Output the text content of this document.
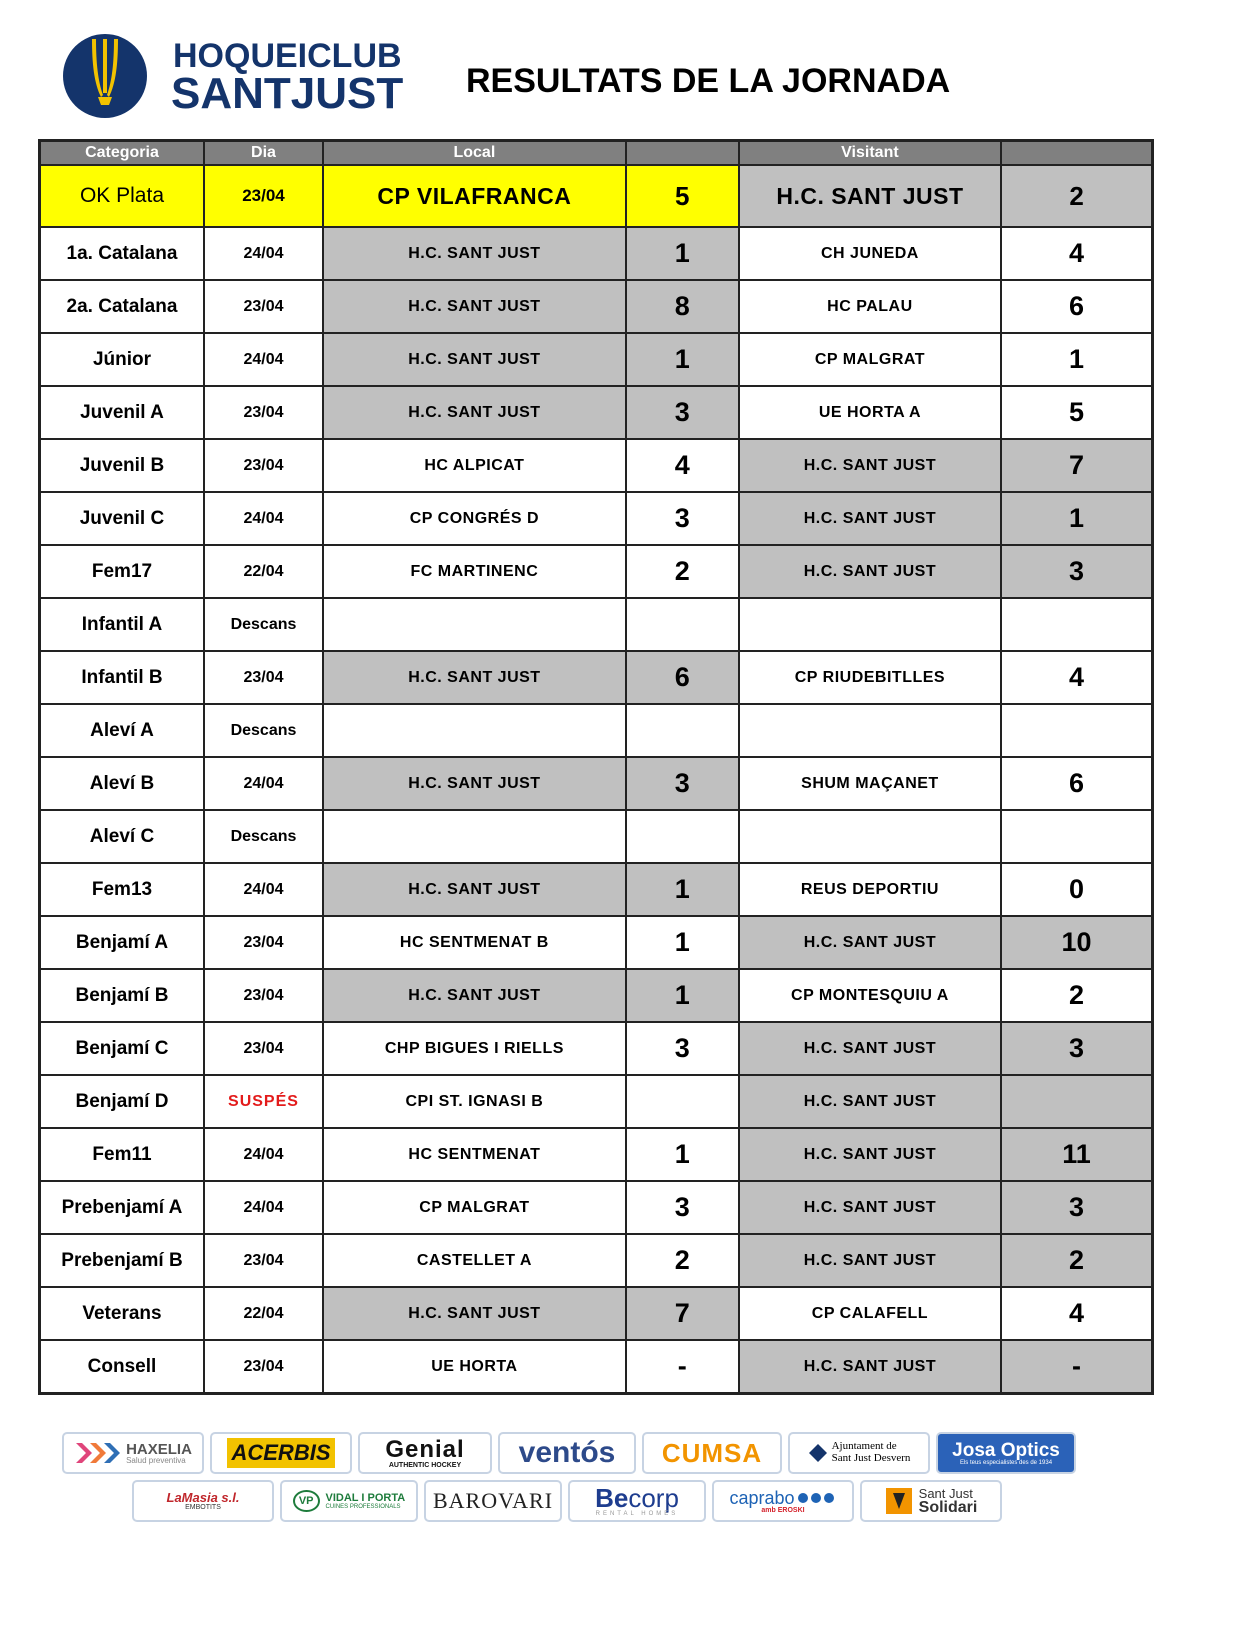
HOQUEICLUB
SANTJUST RESULTATS DE LA JORNADA
Categoria	Dia	Local		Visitant	
OK Plata	23/04	CP VILAFRANCA	5	H.C. SANT JUST	2
1a. Catalana	24/04	H.C. SANT JUST	1	CH JUNEDA	4
2a. Catalana	23/04	H.C. SANT JUST	8	HC PALAU	6
Júnior	24/04	H.C. SANT JUST	1	CP MALGRAT	1
Juvenil A	23/04	H.C. SANT JUST	3	UE HORTA A	5
Juvenil B	23/04	HC ALPICAT	4	H.C. SANT JUST	7
Juvenil C	24/04	CP CONGRÉS D	3	H.C. SANT JUST	1
Fem17	22/04	FC MARTINENC	2	H.C. SANT JUST	3
Infantil A	Descans				
Infantil B	23/04	H.C. SANT JUST	6	CP RIUDEBITLLES	4
Aleví A	Descans				
Aleví B	24/04	H.C. SANT JUST	3	SHUM MAÇANET	6
Aleví C	Descans				
Fem13	24/04	H.C. SANT JUST	1	REUS DEPORTIU	0
Benjamí A	23/04	HC SENTMENAT B	1	H.C. SANT JUST	10
Benjamí B	23/04	H.C. SANT JUST	1	CP MONTESQUIU A	2
Benjamí C	23/04	CHP BIGUES I RIELLS	3	H.C. SANT JUST	3
Benjamí D	SUSPÉS	CPI ST. IGNASI B		H.C. SANT JUST	
Fem11	24/04	HC SENTMENAT	1	H.C. SANT JUST	11
Prebenjamí A	24/04	CP MALGRAT	3	H.C. SANT JUST	3
Prebenjamí B	23/04	CASTELLET A	2	H.C. SANT JUST	2
Veterans	22/04	H.C. SANT JUST	7	CP CALAFELL	4
Consell	23/04	UE HORTA	-	H.C. SANT JUST	-
HAXELIA
Salud preventiva ACERBIS Genial
AUTHENTIC HOCKEY ventós CUMSA	Ajuntament de
Sant Just Desvern Josa Optics
Els teus especialistes des de 1934
LaMasia s.l.
EMBOTITS
VP	VIDAL I PORTA
CUINES PROFESSIONALS BAROVARI Becorp
RENTAL HOMES
caprabo
amb EROSKI
Sant Just
Solidari
